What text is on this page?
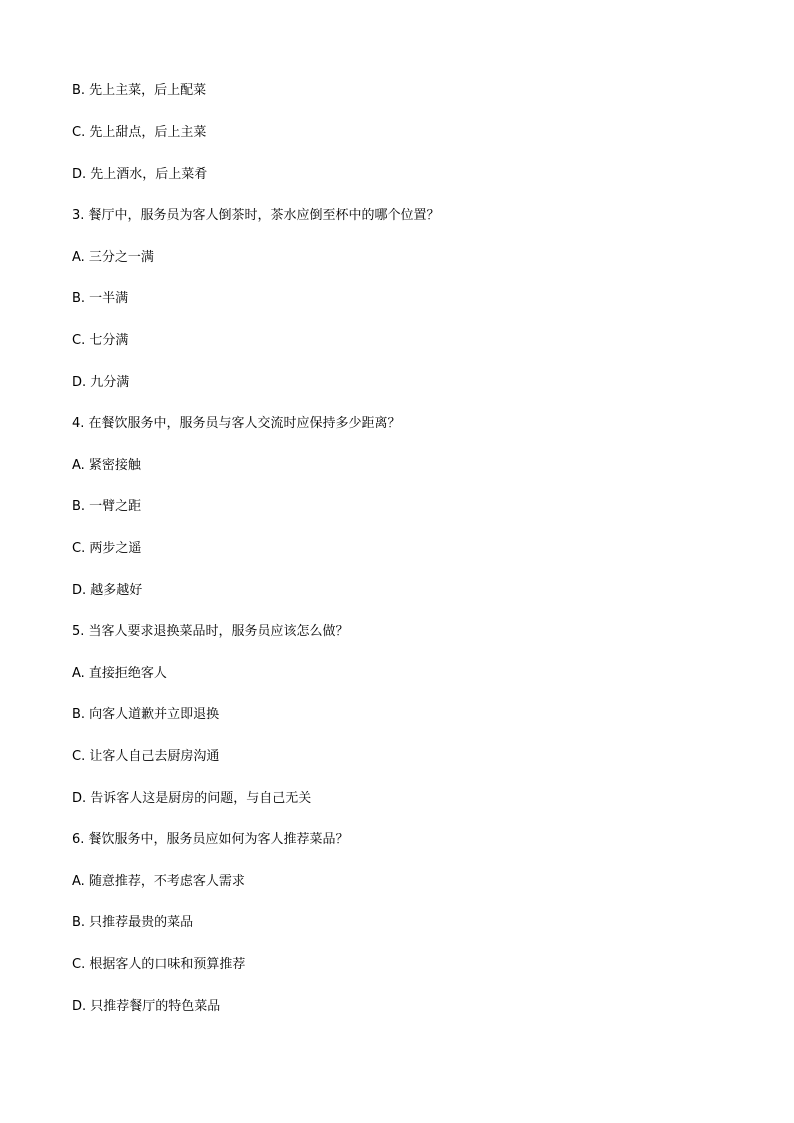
B. 先上主菜，后上配菜
C. 先上甜点，后上主菜
D. 先上酒水，后上菜肴
3. 餐厅中，服务员为客人倒茶时，茶水应倒至杯中的哪个位置？
A. 三分之一满
B. 一半满
C. 七分满
D. 九分满
4. 在餐饮服务中，服务员与客人交流时应保持多少距离？
A. 紧密接触
B. 一臂之距
C. 两步之遥
D. 越多越好
5. 当客人要求退换菜品时，服务员应该怎么做？
A. 直接拒绝客人
B. 向客人道歉并立即退换
C. 让客人自己去厨房沟通
D. 告诉客人这是厨房的问题，与自己无关
6. 餐饮服务中，服务员应如何为客人推荐菜品？
A. 随意推荐，不考虑客人需求
B. 只推荐最贵的菜品
C. 根据客人的口味和预算推荐
D. 只推荐餐厅的特色菜品
